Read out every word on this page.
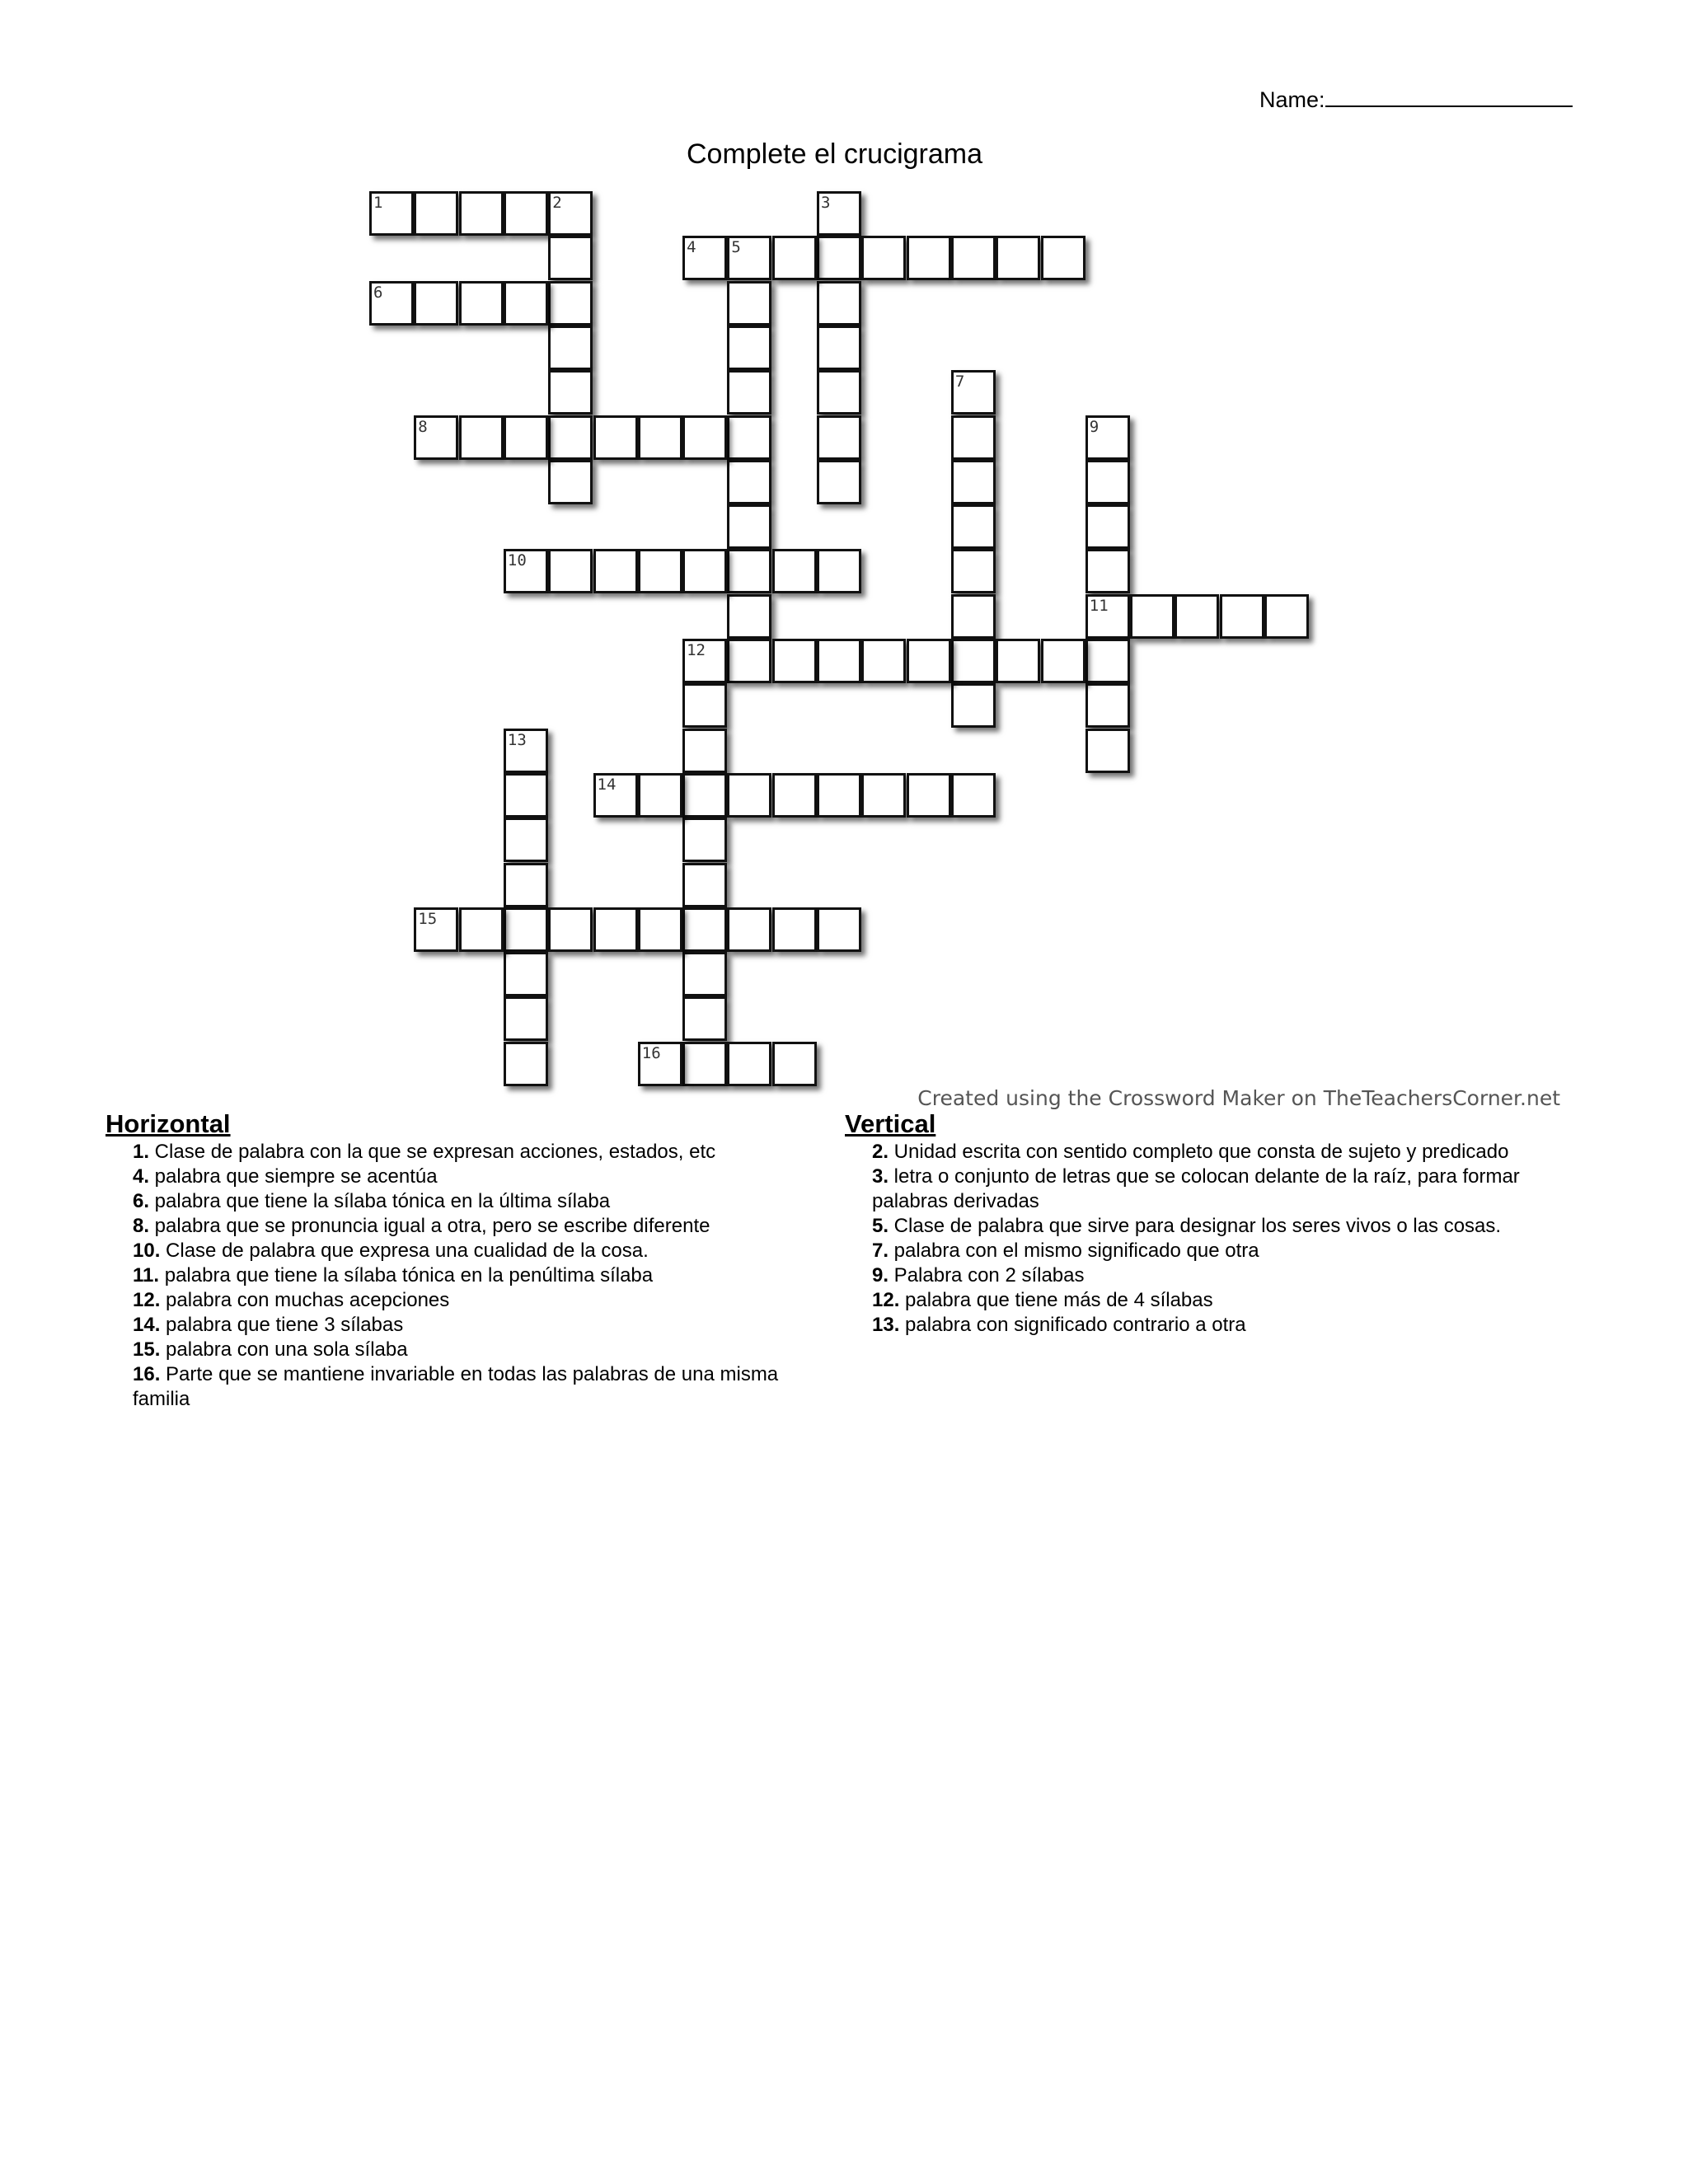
Name:
Complete el crucigrama
1	2	3
4 5
6
7
8	9
10
11
12
13
14
15
16
Created using the Crossword Maker on TheTeachersCorner.net
Horizontal
1. Clase de palabra con la que se expresan acciones, estados, etc
4. palabra que siempre se acentúa
6. palabra que tiene la sílaba tónica en la última sílaba
8. palabra que se pronuncia igual a otra, pero se escribe diferente
10. Clase de palabra que expresa una cualidad de la cosa.
11. palabra que tiene la sílaba tónica en la penúltima sílaba
12. palabra con muchas acepciones
14. palabra que tiene 3 sílabas
15. palabra con una sola sílaba
16. Parte que se mantiene invariable en todas las palabras de una misma familia
Vertical
2. Unidad escrita con sentido completo que consta de sujeto y predicado
3. letra o conjunto de letras que se colocan delante de la raíz, para formar palabras derivadas
5. Clase de palabra que sirve para designar los seres vivos o las cosas.
7. palabra con el mismo significado que otra
9. Palabra con 2 sílabas
12. palabra que tiene más de 4 sílabas
13. palabra con significado contrario a otra
